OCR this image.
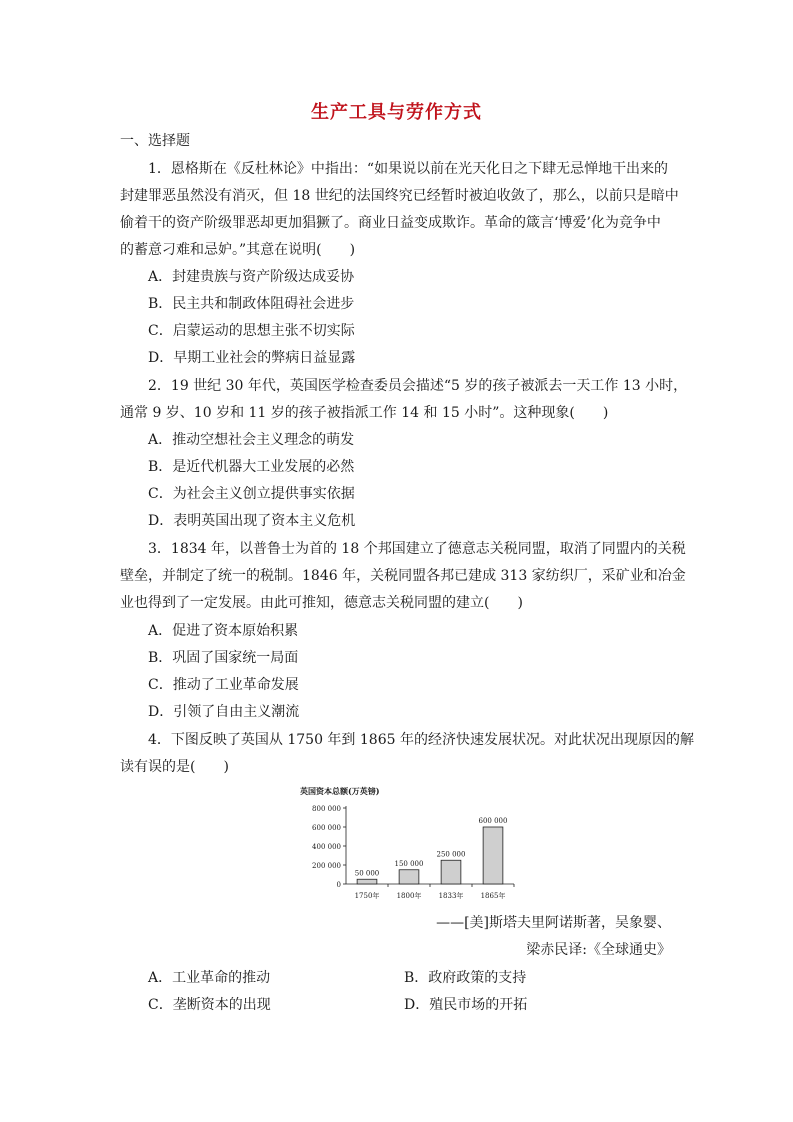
生产工具与劳作方式
一、选择题
1．恩格斯在《反杜林论》中指出：“如果说以前在光天化日之下肆无忌惮地干出来的
封建罪恶虽然没有消灭，但 18 世纪的法国终究已经暂时被迫收敛了，那么，以前只是暗中
偷着干的资产阶级罪恶却更加猖獗了。商业日益变成欺诈。革命的箴言‘博爱’化为竞争中
的蓄意刁难和忌妒。”其意在说明(　　)
A．封建贵族与资产阶级达成妥协
B．民主共和制政体阻碍社会进步
C．启蒙运动的思想主张不切实际
D．早期工业社会的弊病日益显露
2．19 世纪 30 年代，英国医学检查委员会描述“5 岁的孩子被派去一天工作 13 小时，
通常 9 岁、10 岁和 11 岁的孩子被指派工作 14 和 15 小时”。这种现象(　　)
A．推动空想社会主义理念的萌发
B．是近代机器大工业发展的必然
C．为社会主义创立提供事实依据
D．表明英国出现了资本主义危机
3．1834 年，以普鲁士为首的 18 个邦国建立了德意志关税同盟，取消了同盟内的关税
壁垒，并制定了统一的税制。1846 年，关税同盟各邦已建成 313 家纺织厂，采矿业和冶金
业也得到了一定发展。由此可推知，德意志关税同盟的建立(　　)
A．促进了资本原始积累
B．巩固了国家统一局面
C．推动了工业革命发展
D．引领了自由主义潮流
4．下图反映了英国从 1750 年到 1865 年的经济快速发展状况。对此状况出现原因的解
读有误的是(　　)
英国资本总额(万英镑)
0
200 000
400 000
600 000
800 000
50 000
1750年
150 000
1800年
250 000
1833年
600 000
1865年
——[美]斯塔夫里阿诺斯著，吴象婴、
梁赤民译:《全球通史》
A．工业革命的推动	B．政府政策的支持
C．垄断资本的出现	D．殖民市场的开拓
